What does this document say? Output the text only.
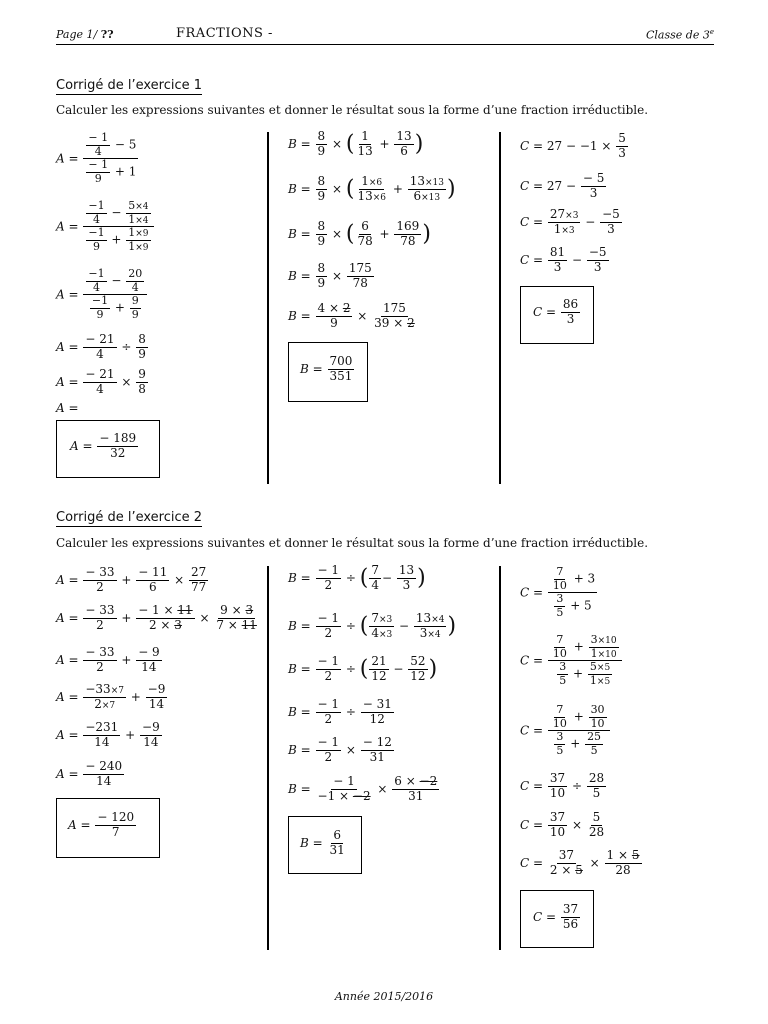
Page 1/ ??	FRACTIONS -	Classe de 3e
Corrigé de l’exercice 1
Calculer les expressions suivantes et donner le résultat sous la forme d’une fraction irréductible.
$A = \frac{\frac{- 1}{4} - 5}{\frac{- 1}{9} + 1}$
$A = \frac{\frac{-1}{4} - \frac{5\times 4}{1\times 4}}{\frac{-1}{9} + \frac{1\times 9}{1\times 9}}$
$A = \frac{\frac{-1}{4} - \frac{20}{4}}{\frac{-1}{9} + \frac{9}{9}}$
$A = \frac{- 21}{4} \div \frac{8}{9}$
$A = \frac{- 21}{4} \times \frac{9}{8}$
A =
$A = \frac{- 189}{32}$
$B = \frac{8}{9}$ × ( $\frac{1}{13} + \frac{13}{6}$ )
$B = \frac{8}{9}$ × ( $\frac{1\times 6}{13\times 6} + \frac{13\times 13}{6\times 13}$ )
$B = \frac{8}{9}$ × ( $\frac{6}{78} + \frac{169}{78}$ )
$B = \frac{8}{9} \times \frac{175}{78}$
$B = \frac{4 \times 2}{9} \times \frac{175}{39 \times 2}$
$B = \frac{700}{351}$
$C = 27 - -1 \times \frac{5}{3}$
$C = 27 - \frac{- 5}{3}$
$C = \frac{27\times 3}{1\times 3} - \frac{-5}{3}$
$C = \frac{81}{3} - \frac{-5}{3}$
$C = \frac{86}{3}$
Corrigé de l’exercice 2
Calculer les expressions suivantes et donner le résultat sous la forme d’une fraction irréductible.
$A = \frac{- 33}{2} + \frac{- 11}{6} \times \frac{27}{77}$
$A = \frac{- 33}{2} + \frac{- 1 \times 11}{2 \times 3} \times \frac{9 \times 3}{7 \times 11}$
$A = \frac{- 33}{2} + \frac{- 9}{14}$
$A = \frac{-33\times 7}{2\times 7} + \frac{-9}{14}$
$A = \frac{-231}{14} + \frac{-9}{14}$
$A = \frac{- 240}{14}$
$A = \frac{- 120}{7}$
$B = \frac{- 1}{2}$ ÷ ( $\frac{7}{4} - \frac{13}{3}$ )
$B = \frac{- 1}{2}$ ÷ ( $\frac{7\times 3}{4\times 3} - \frac{13\times 4}{3\times 4}$ )
$B = \frac{- 1}{2}$ ÷ ( $\frac{21}{12} - \frac{52}{12}$ )
$B = \frac{- 1}{2} \div \frac{- 31}{12}$
$B = \frac{- 1}{2} \times \frac{- 12}{31}$
$B = \frac{- 1}{-1 \times -2} \times \frac{6 \times -2}{31}$
$B = \frac{6}{31}$
$C = \frac{\frac{7}{10} + 3}{\frac{3}{5} + 5}$
$C = \frac{\frac{7}{10} + \frac{3\times 10}{1\times 10}}{\frac{3}{5} + \frac{5\times 5}{1\times 5}}$
$C = \frac{\frac{7}{10} + \frac{30}{10}}{\frac{3}{5} + \frac{25}{5}}$
$C = \frac{37}{10} \div \frac{28}{5}$
$C = \frac{37}{10} \times \frac{5}{28}$
$C = \frac{37}{2 \times 5} \times \frac{1 \times 5}{28}$
$C = \frac{37}{56}$
Année 2015/2016
